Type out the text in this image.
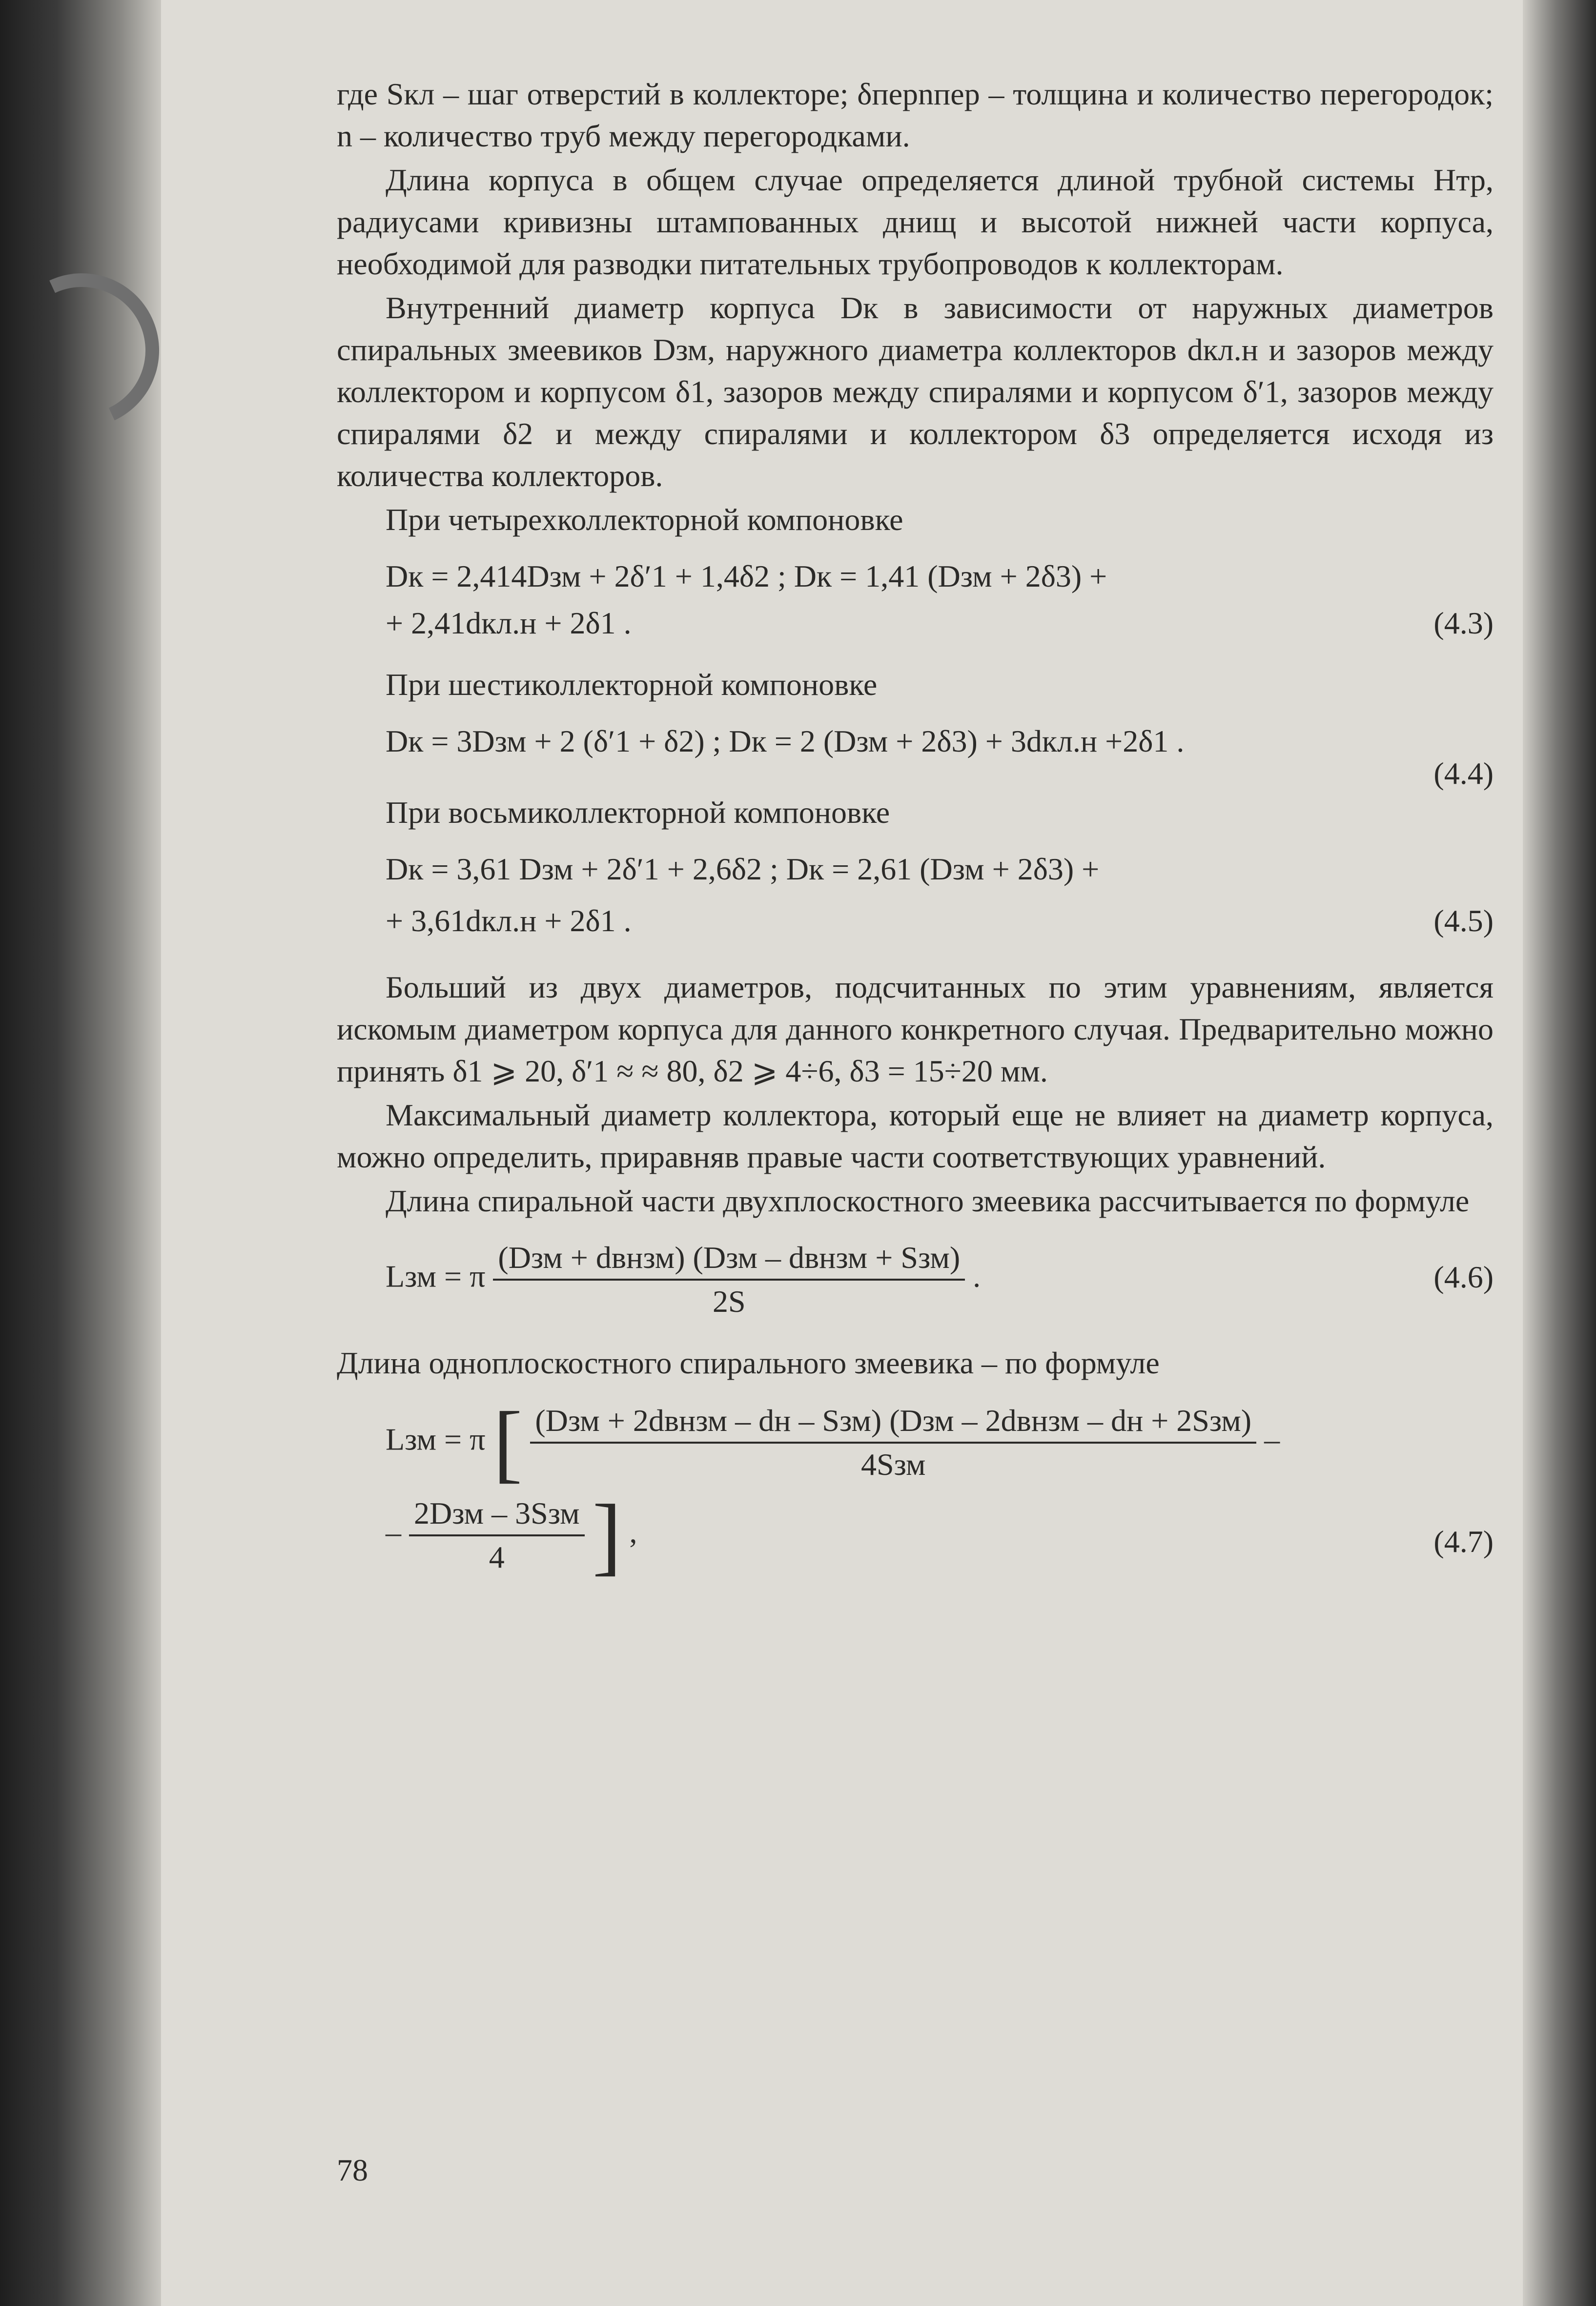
где Sкл – шаг отверстий в коллекторе; δперnпер – толщина и количество перегородок; n – количество труб между перегородками.

Длина корпуса в общем случае определяется длиной трубной системы Hтр, радиусами кривизны штампованных днищ и высотой нижней части корпуса, необходимой для разводки питательных трубопроводов к коллекторам.

Внутренний диаметр корпуса Dк в зависимости от наружных диаметров спиральных змеевиков Dзм, наружного диаметра коллекторов dкл.н и зазоров между коллектором и корпусом δ1, зазоров между спиралями и корпусом δ′1, зазоров между спиралями δ2 и между спиралями и коллектором δ3 определяется исходя из количества коллекторов.

При четырехколлекторной компоновке

Dк = 2,414Dзм + 2δ′1 + 1,4δ2 ; Dк = 1,41 (Dзм + 2δ3) +
+ 2,41dкл.н + 2δ1 .	(4.3)

При шестиколлекторной компоновке

Dк = 3Dзм + 2 (δ′1 + δ2) ; Dк = 2 (Dзм + 2δ3) + 3dкл.н +2δ1 .
(4.4)

При восьмиколлекторной компоновке

Dк = 3,61 Dзм + 2δ′1 + 2,6δ2 ; Dк = 2,61 (Dзм + 2δ3) +
+ 3,61dкл.н + 2δ1 .	(4.5)

Больший из двух диаметров, подсчитанных по этим уравнениям, является искомым диаметром корпуса для данного конкретного случая. Предварительно можно принять δ1 ⩾ 20, δ′1 ≈ ≈ 80, δ2 ⩾ 4÷6, δ3 = 15÷20 мм.

Максимальный диаметр коллектора, который еще не влияет на диаметр корпуса, можно определить, приравняв правые части соответствующих уравнений.

Длина спиральной части двухплоскостного змеевика рассчитывается по формуле

Lзм = π $\frac{\text{(Dзм + dвнзм) (Dзм – dвнзм + Sзм)}}{2S}$ .	(4.6)

Длина одноплоскостного спирального змеевика – по формуле

Lзм = π [ $\frac{\text{(Dзм + 2dвнзм – dн – Sзм) (Dзм – 2dвнзм – dн + 2Sзм)}}{\text{4Sзм}}$ –
– $\frac{\text{2Dзм – 3Sзм}}{4}$ ] ,	(4.7)
78
